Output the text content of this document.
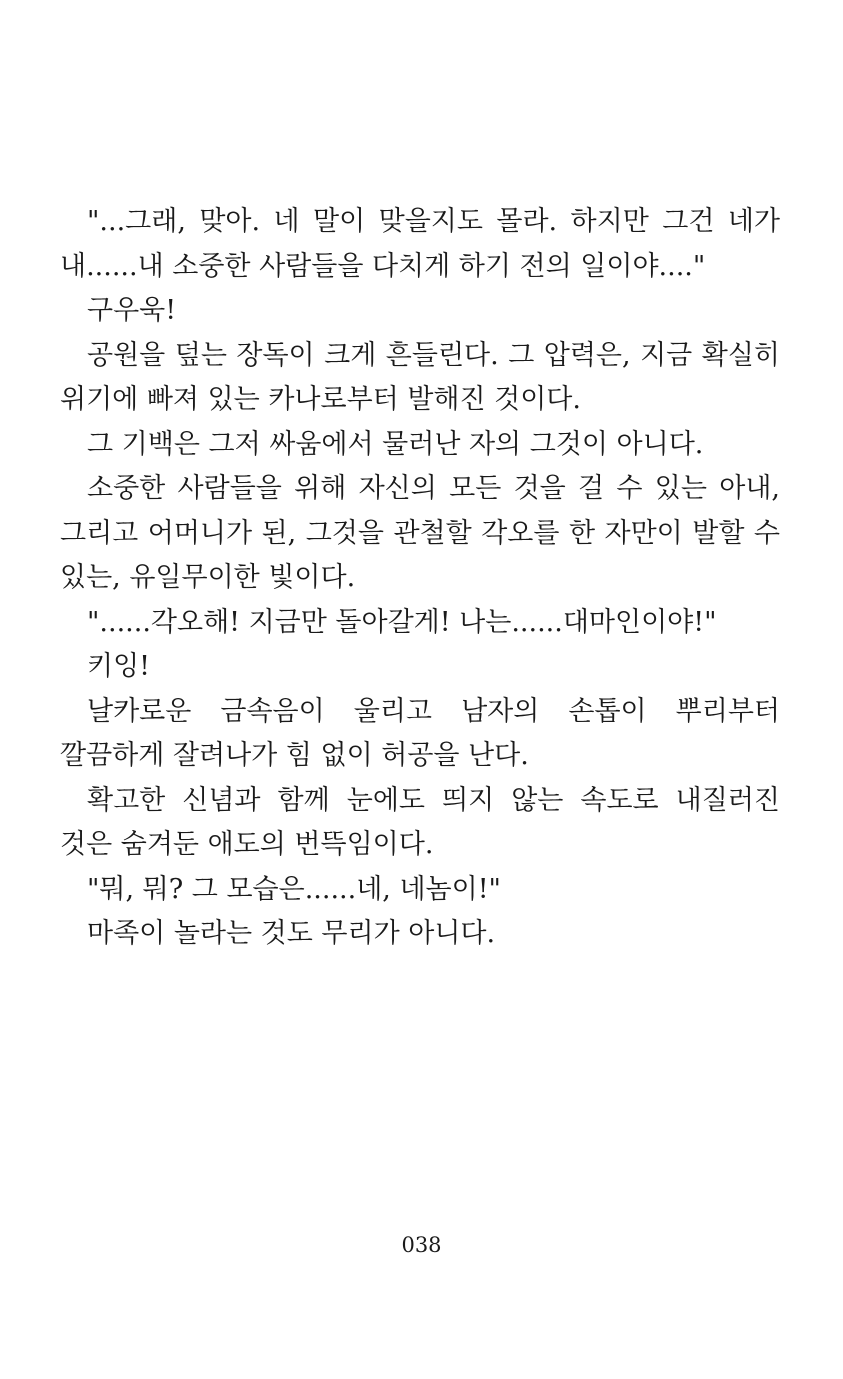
"...그래, 맞아. 네 말이 맞을지도 몰라. 하지만 그건 네가 내......내 소중한 사람들을 다치게 하기 전의 일이야...."

구우욱!

공원을 덮는 장독이 크게 흔들린다. 그 압력은, 지금 확실히 위기에 빠져 있는 카나로부터 발해진 것이다.

그 기백은 그저 싸움에서 물러난 자의 그것이 아니다.

소중한 사람들을 위해 자신의 모든 것을 걸 수 있는 아내, 그리고 어머니가 된, 그것을 관철할 각오를 한 자만이 발할 수 있는, 유일무이한 빛이다.

"......각오해! 지금만 돌아갈게! 나는......대마인이야!"

키잉!

날카로운 금속음이 울리고 남자의 손톱이 뿌리부터 깔끔하게 잘려나가 힘 없이 허공을 난다.

확고한 신념과 함께 눈에도 띄지 않는 속도로 내질러진 것은 숨겨둔 애도의 번뜩임이다.

"뭐, 뭐? 그 모습은......네, 네놈이!"

마족이 놀라는 것도 무리가 아니다.

038
